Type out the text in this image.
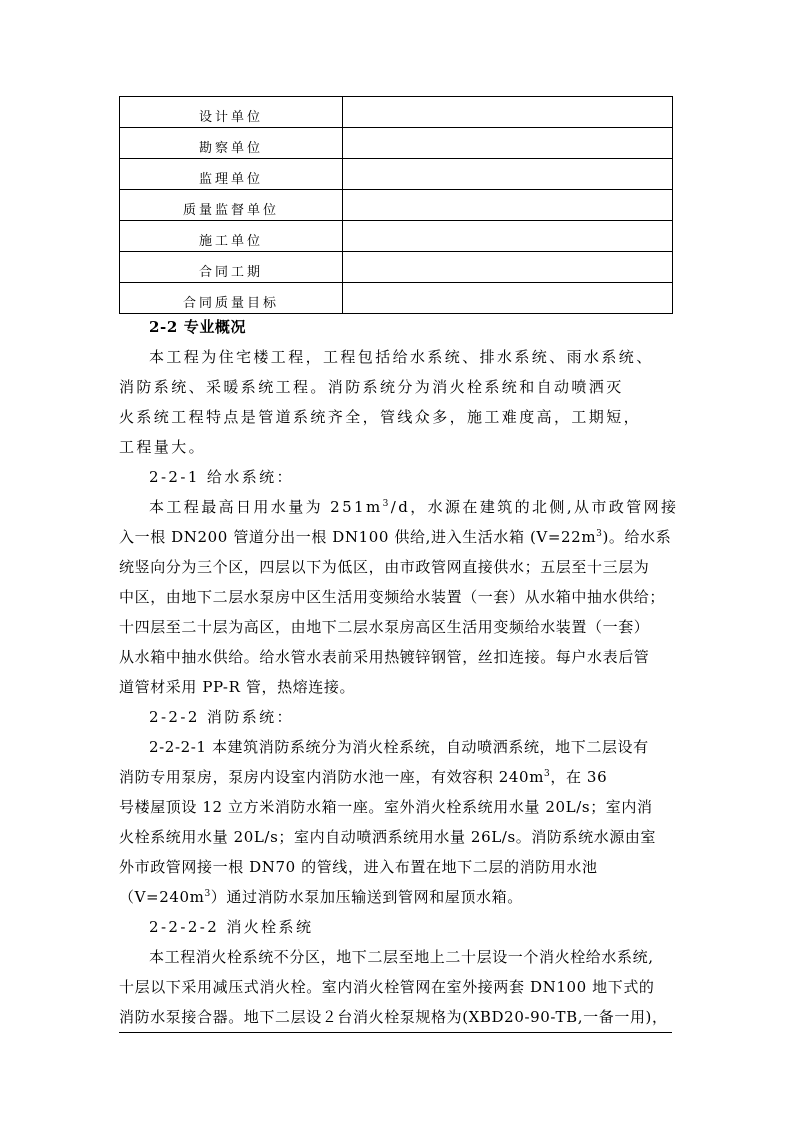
设计单位	
勘察单位	
监理单位	
质量监督单位	
施工单位	
合同工期	
合同质量目标	
2-2 专业概况
本工程为住宅楼工程，工程包括给水系统、排水系统、雨水系统、
消防系统、采暖系统工程。消防系统分为消火栓系统和自动喷洒灭
火系统工程特点是管道系统齐全，管线众多，施工难度高，工期短，
工程量大。
2-2-1 给水系统：
本工程最高日用水量为 $251m^3/d$，水源在建筑的北侧,从市政管网接
入一根 DN200 管道分出一根 DN100 供给,进入生活水箱 $(V=22m^3)$。给水系
统竖向分为三个区，四层以下为低区，由市政管网直接供水；五层至十三层为
中区，由地下二层水泵房中区生活用变频给水装置（一套）从水箱中抽水供给；
十四层至二十层为高区，由地下二层水泵房高区生活用变频给水装置（一套）
从水箱中抽水供给。给水管水表前采用热镀锌钢管，丝扣连接。每户水表后管
道管材采用 PP-R 管，热熔连接。
2-2-2 消防系统：
2-2-2-1 本建筑消防系统分为消火栓系统，自动喷洒系统，地下二层设有
消防专用泵房，泵房内设室内消防水池一座，有效容积 $240m^3$，在 36
号楼屋顶设 12 立方米消防水箱一座。室外消火栓系统用水量 20L/s；室内消
火栓系统用水量 20L/s；室内自动喷洒系统用水量 26L/s。消防系统水源由室
外市政管网接一根 DN70 的管线，进入布置在地下二层的消防用水池
$(V=240m^3)$通过消防水泵加压输送到管网和屋顶水箱。
2-2-2-2 消火栓系统
本工程消火栓系统不分区，地下二层至地上二十层设一个消火栓给水系统,
十层以下采用减压式消火栓。室内消火栓管网在室外接两套 DN100 地下式的
消防水泵接合器。地下二层设２台消火栓泵规格为(XBD20-90-TB,一备一用)，
